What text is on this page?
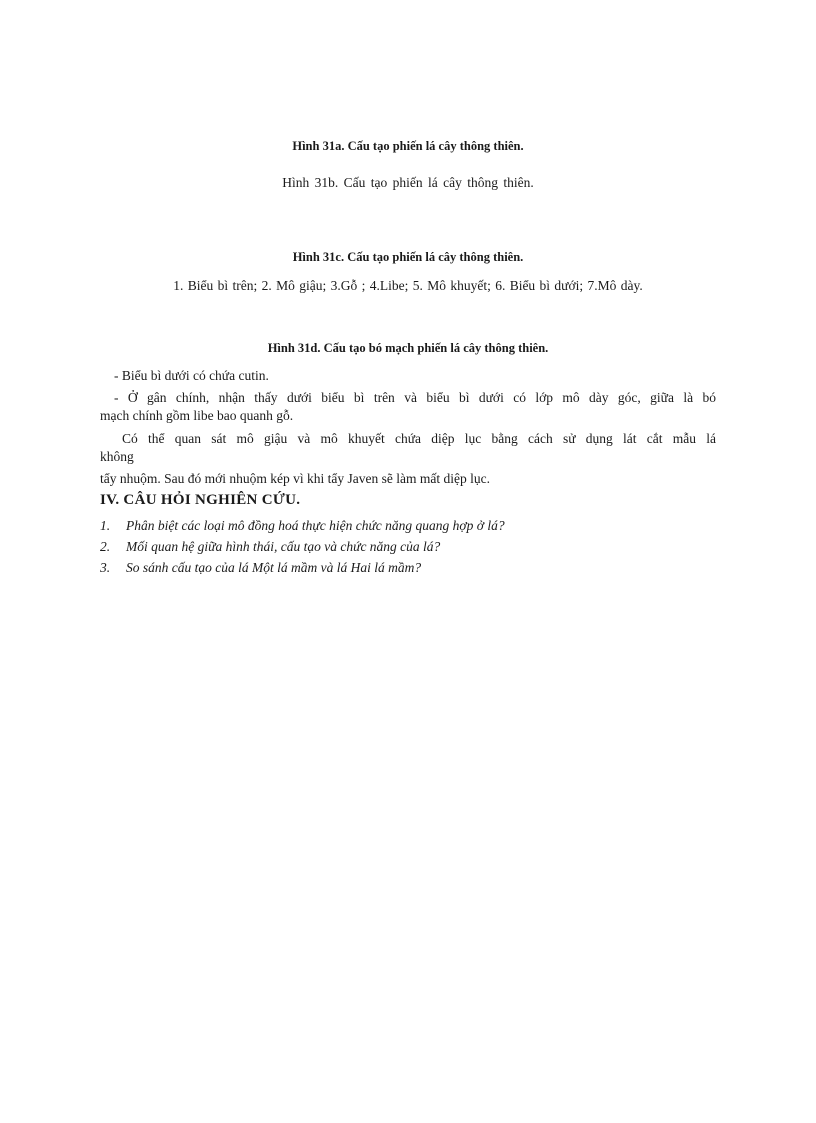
Hình 31a. Cấu tạo phiến lá cây thông thiên.
Hình 31b. Cấu tạo phiến lá cây thông thiên.
Hình 31c. Cấu tạo phiến lá cây thông thiên.
1. Biểu bì trên; 2. Mô giậu; 3.Gỗ ; 4.Libe; 5. Mô khuyết; 6. Biểu bì dưới; 7.Mô dày.
Hình 31d. Cấu tạo bó mạch phiến lá cây thông thiên.
- Biểu bì dưới có chứa cutin.
- Ở gân chính, nhận thấy dưới biểu bì trên và biểu bì dưới có lớp mô dày góc, giữa là bó
mạch chính gồm libe bao quanh gỗ.
Có thể quan sát mô giậu và mô khuyết chứa diệp lục bằng cách sử dụng lát cắt mẫu lá
không
tẩy nhuộm. Sau đó mới nhuộm kép vì khi tẩy Javen sẽ làm mất diệp lục.
IV. CÂU HỎI NGHIÊN CỨU.
1.	Phân biệt các loại mô đồng hoá thực hiện chức năng quang hợp ở lá?
2.	Mối quan hệ giữa hình thái, cấu tạo và chức năng của lá?
3.	So sánh cấu tạo của lá Một lá mầm và lá Hai lá mầm?
